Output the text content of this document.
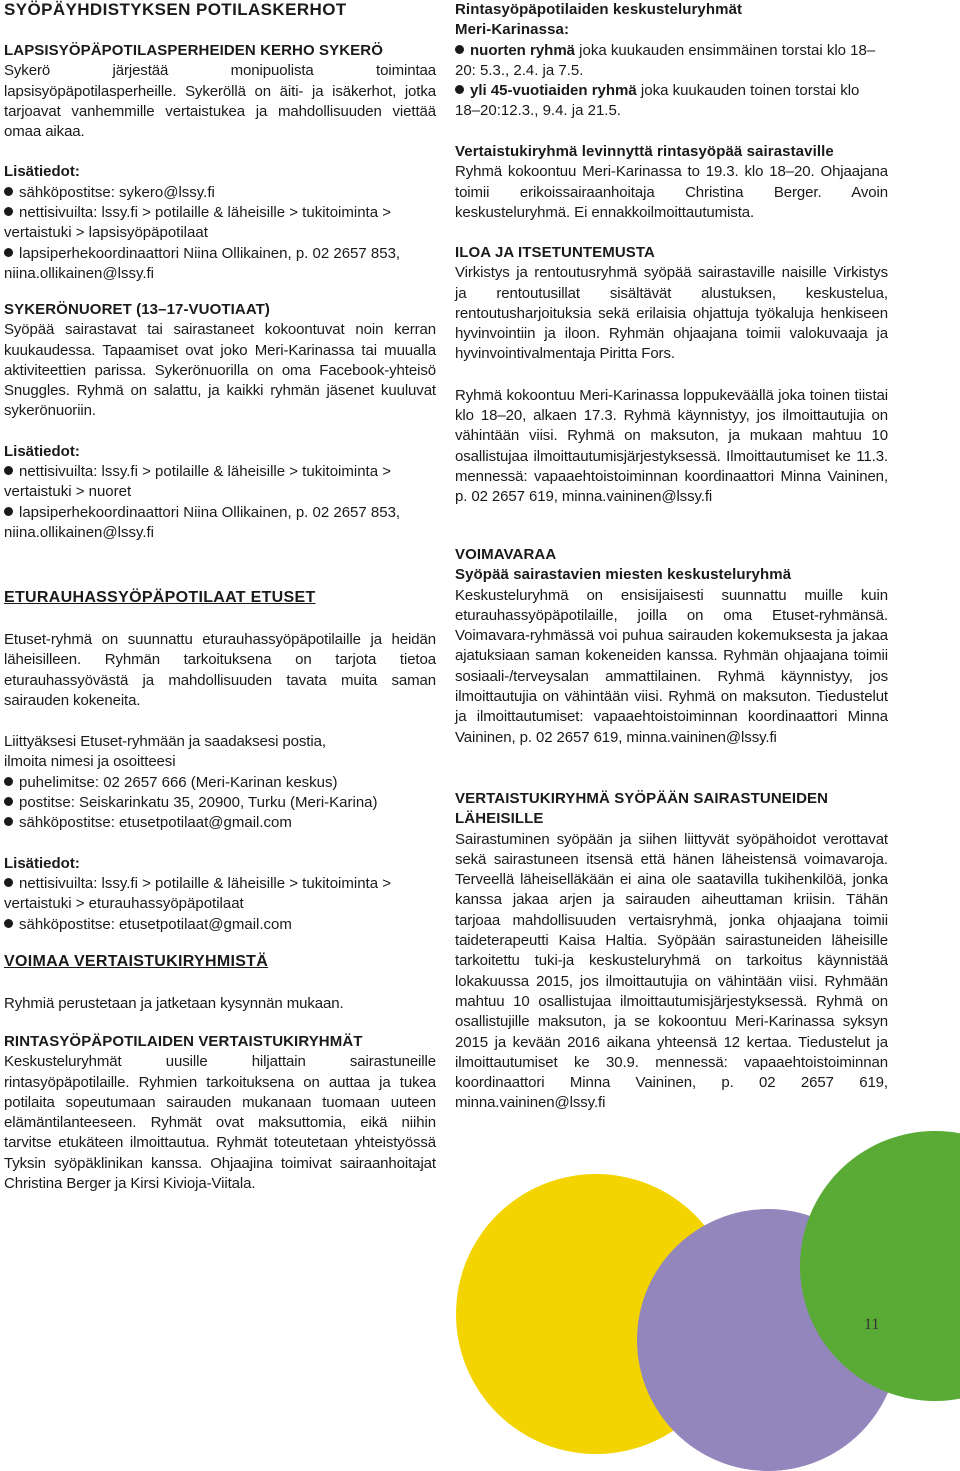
SYÖPÄYHDISTYKSEN POTILASKERHOT
LAPSISYÖPÄPOTILASPERHEIDEN KERHO SYKERÖ

Sykerö järjestää monipuolista toimintaa lapsisyöpäpotilasperheille. Sykeröllä on äiti- ja isäkerhot, jotka tarjoavat vanhemmille vertaistukea ja mahdollisuuden viettää omaa aikaa.

Lisätiedot:

sähköpostitse: sykero@lssy.fi
nettisivuilta: lssy.fi > potilaille & läheisille > tukitoiminta > vertaistuki > lapsisyöpäpotilaat
lapsiperhekoordinaattori Niina Ollikainen, p. 02 2657 853, niina.ollikainen@lssy.fi
SYKERÖNUORET (13–17-VUOTIAAT)

Syöpää sairastavat tai sairastaneet kokoontuvat noin kerran kuukaudessa. Tapaamiset ovat joko Meri-Karinassa tai muualla aktiviteettien parissa. Sykerönuorilla on oma Facebook-yhteisö Snuggles. Ryhmä on salattu, ja kaikki ryhmän jäsenet kuuluvat sykerönuoriin.

Lisätiedot:

nettisivuilta: lssy.fi > potilaille & läheisille > tukitoiminta > vertaistuki > nuoret
lapsiperhekoordinaattori Niina Ollikainen, p. 02 2657 853, niina.ollikainen@lssy.fi
ETURAUHASSYÖPÄPOTILAAT ETUSET

Etuset-ryhmä on suunnattu eturauhassyöpäpotilaille ja heidän läheisilleen. Ryhmän tarkoituksena on tarjota tietoa eturauhassyövästä ja mahdollisuuden tavata muita saman sairauden kokeneita.

Liittyäksesi Etuset-ryhmään ja saadaksesi postia,

ilmoita nimesi ja osoitteesi

puhelimitse: 02 2657 666 (Meri-Karinan keskus)
postitse: Seiskarinkatu 35, 20900, Turku (Meri-Karina)
sähköpostitse: etusetpotilaat@gmail.com

Lisätiedot:

nettisivuilta: lssy.fi > potilaille & läheisille > tukitoiminta > vertaistuki > eturauhassyöpäpotilaat
sähköpostitse: etusetpotilaat@gmail.com
VOIMAA VERTAISTUKIRYHMISTÄ

Ryhmiä perustetaan ja jatketaan kysynnän mukaan.

RINTASYÖPÄPOTILAIDEN VERTAISTUKIRYHMÄT

Keskusteluryhmät uusille hiljattain sairastuneille rintasyöpäpotilaille. Ryhmien tarkoituksena on auttaa ja tukea potilaita sopeutumaan sairauden mukanaan tuomaan uuteen elämäntilanteeseen. Ryhmät ovat maksuttomia, eikä niihin tarvitse etukäteen ilmoittautua. Ryhmät toteutetaan yhteistyössä Tyksin syöpäklinikan kanssa. Ohjaajina toimivat sairaanhoitajat Christina Berger ja Kirsi Kivioja-Viitala.

Rintasyöpäpotilaiden keskusteluryhmät
Meri-Karinassa:
nuorten ryhmä joka kuukauden ensimmäinen torstai klo 18–20: 5.3., 2.4. ja 7.5.
yli 45-vuotiaiden ryhmä joka kuukauden toinen torstai klo 18–20:12.3., 9.4. ja 21.5.
Vertaistukiryhmä levinnyttä rintasyöpää sairastaville

Ryhmä kokoontuu Meri-Karinassa to 19.3. klo 18–20. Ohjaajana toimii erikoissairaanhoitaja Christina Berger. Avoin keskusteluryhmä. Ei ennakkoilmoittautumista.

ILOA JA ITSETUNTEMUSTA

Virkistys ja rentoutusryhmä syöpää sairastaville naisille Virkistys ja rentoutusillat sisältävät alustuksen, keskustelua, rentoutusharjoituksia sekä erilaisia ohjattuja työkaluja henkiseen hyvinvointiin ja iloon. Ryhmän ohjaajana toimii valokuvaaja ja hyvinvointivalmentaja Piritta Fors.

Ryhmä kokoontuu Meri-Karinassa loppukeväällä joka toinen tiistai klo 18–20, alkaen 17.3. Ryhmä käynnistyy, jos ilmoittautujia on vähintään viisi. Ryhmä on maksuton, ja mukaan mahtuu 10 osallistujaa ilmoittautumisjärjestyksessä. Ilmoittautumiset ke 11.3. mennessä: vapaaehtoistoiminnan koordinaattori Minna Vaininen, p. 02 2657 619, minna.vaininen@lssy.fi

VOIMAVARAA
Syöpää sairastavien miesten keskusteluryhmä

Keskusteluryhmä on ensisijaisesti suunnattu muille kuin eturauhassyöpäpotilaille, joilla on oma Etuset-ryhmänsä. Voimavara-ryhmässä voi puhua sairauden kokemuksesta ja jakaa ajatuksiaan saman kokeneiden kanssa. Ryhmän ohjaajana toimii sosiaali-/terveysalan ammattilainen. Ryhmä käynnistyy, jos ilmoittautujia on vähintään viisi. Ryhmä on maksuton. Tiedustelut ja ilmoittautumiset: vapaaehtoistoiminnan koordinaattori Minna Vaininen, p. 02 2657 619, minna.vaininen@lssy.fi

VERTAISTUKIRYHMÄ SYÖPÄÄN SAIRASTUNEIDEN LÄHEISILLE

Sairastuminen syöpään ja siihen liittyvät syöpähoidot verottavat sekä sairastuneen itsensä että hänen läheistensä voimavaroja. Terveellä läheiselläkään ei aina ole saatavilla tukihenkilöä, jonka kanssa jakaa arjen ja sairauden aiheuttaman kriisin. Tähän tarjoaa mahdollisuuden vertaisryhmä, jonka ohjaajana toimii taideterapeutti Kaisa Haltia. Syöpään sairastuneiden läheisille tarkoitettu tuki-ja keskusteluryhmä on tarkoitus käynnistää lokakuussa 2015, jos ilmoittautujia on vähintään viisi. Ryhmään mahtuu 10 osallistujaa ilmoittautumisjärjestyksessä. Ryhmä on osallistujille maksuton, ja se kokoontuu Meri-Karinassa syksyn 2015 ja kevään 2016 aikana yhteensä 12 kertaa. Tiedustelut ja ilmoittautumiset ke 30.9. mennessä: vapaaehtoistoiminnan koordinaattori Minna Vaininen, p. 02 2657 619, minna.vaininen@lssy.fi

11
